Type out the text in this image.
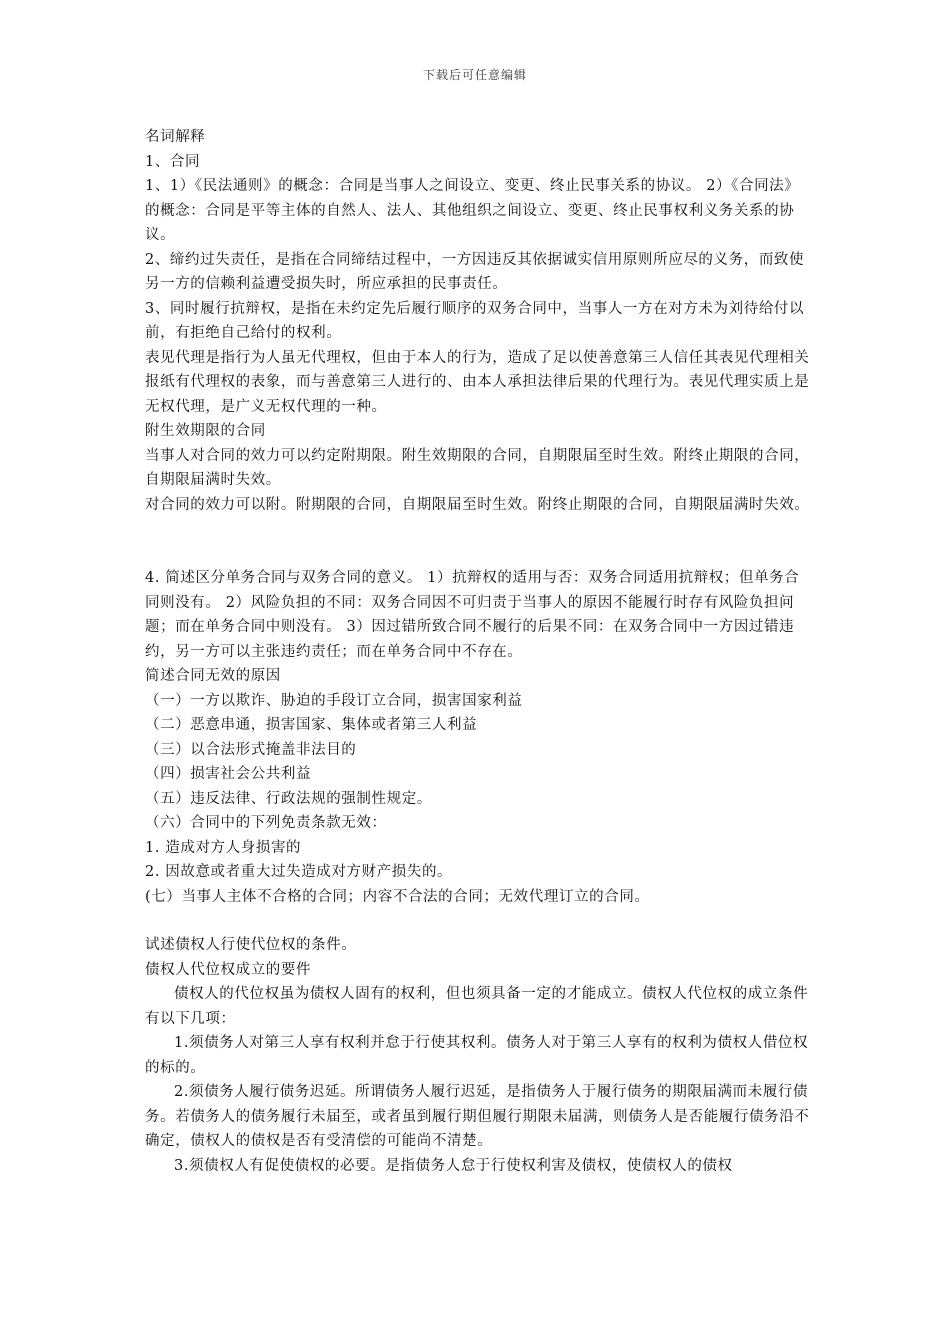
下载后可任意编辑

名词解释

1、合同

1、1）《民法通则》的概念：合同是当事人之间设立、变更、终止民事关系的协议。 2）《合同法》的概念：合同是平等主体的自然人、法人、其他组织之间设立、变更、终止民事权利义务关系的协议。

2、缔约过失责任，是指在合同缔结过程中，一方因违反其依据诚实信用原则所应尽的义务，而致使另一方的信赖利益遭受损失时，所应承担的民事责任。

3、同时履行抗辩权，是指在未约定先后履行顺序的双务合同中，当事人一方在对方未为刘待给付以前，有拒绝自己给付的权利。

表见代理是指行为人虽无代理权，但由于本人的行为，造成了足以使善意第三人信任其表见代理相关报纸有代理权的表象，而与善意第三人进行的、由本人承担法律后果的代理行为。表见代理实质上是无权代理，是广义无权代理的一种。

附生效期限的合同

当事人对合同的效力可以约定附期限。附生效期限的合同，自期限届至时生效。附终止期限的合同，自期限届满时失效。

对合同的效力可以附。附期限的合同，自期限届至时生效。附终止期限的合同，自期限届满时失效。

4. 简述区分单务合同与双务合同的意义。 1）抗辩权的适用与否：双务合同适用抗辩权；但单务合同则没有。 2）风险负担的不同：双务合同因不可归责于当事人的原因不能履行时存有风险负担问题；而在单务合同中则没有。 3）因过错所致合同不履行的后果不同：在双务合同中一方因过错违约，另一方可以主张违约责任；而在单务合同中不存在。

简述合同无效的原因

（一）一方以欺诈、胁迫的手段订立合同，损害国家利益

（二）恶意串通，损害国家、集体或者第三人利益

（三）以合法形式掩盖非法目的

（四）损害社会公共利益

（五）违反法律、行政法规的强制性规定。

（六）合同中的下列免责条款无效：

1. 造成对方人身损害的

2. 因故意或者重大过失造成对方财产损失的。

(七）当事人主体不合格的合同；内容不合法的合同；无效代理订立的合同。

试述债权人行使代位权的条件。

债权人代位权成立的要件

债权人的代位权虽为债权人固有的权利，但也须具备一定的才能成立。债权人代位权的成立条件有以下几项：

1.须债务人对第三人享有权利并怠于行使其权利。债务人对于第三人享有的权利为债权人借位权的标的。

2.须债务人履行债务迟延。所谓债务人履行迟延，是指债务人于履行债务的期限届满而未履行债务。若债务人的债务履行未届至，或者虽到履行期但履行期限未届满，则债务人是否能履行债务沿不确定，债权人的债权是否有受清偿的可能尚不清楚。

3.须债权人有促使债权的必要。是指债务人怠于行使权利害及债权，使债权人的债权
